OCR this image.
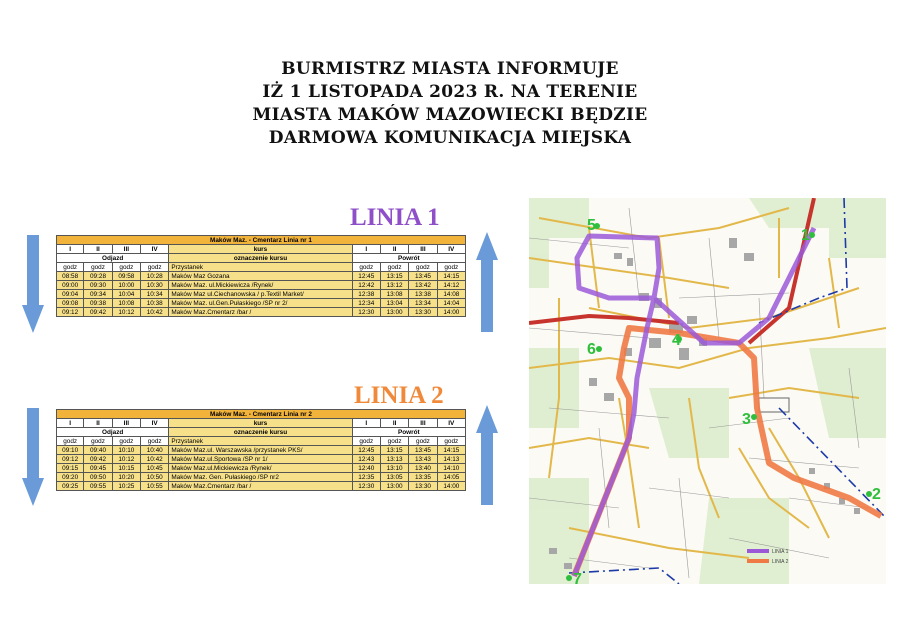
BURMISTRZ MIASTA INFORMUJE
IŻ 1 LISTOPADA 2023 R. NA TERENIE
MIASTA MAKÓW MAZOWIECKI BĘDZIE
DARMOWA KOMUNIKACJA MIEJSKA
LINIA 1
LINIA 2
Maków Maz. - Cmentarz Linia nr 1								
I	II	III	IV	kurs	I	II	III	IV
Odjazd				oznaczenie kursu	Powrót			
godz	godz	godz	godz	Przystanek	godz	godz	godz	godz
08:58	09:28	09:58	10:28	Maków Maz Gozana	12:45	13:15	13:45	14:15
09:00	09:30	10:00	10:30	Maków Maz. ul.Mickiewicza /Rynek/	12:42	13:12	13:42	14:12
09:04	09:34	10:04	10:34	Maków Maz ul.Ciechanowska / p.Textil Market/	12:38	13:08	13:38	14:08
09:08	09:38	10:08	10:38	Maków Maz. ul.Gen.Pułaskiego /SP nr 2/	12:34	13:04	13:34	14:04
09:12	09:42	10:12	10:42	Maków Maz.Cmentarz /bar /	12:30	13:00	13:30	14:00
Maków Maz. - Cmentarz Linia nr 2								
I	II	III	IV	kurs	I	II	III	IV
Odjazd				oznaczenie kursu	Powrót			
godz	godz	godz	godz	Przystanek	godz	godz	godz	godz
09:10	09:40	10:10	10:40	Maków Maz.ul. Warszawska /przystanek PKS/	12:45	13:15	13:45	14:15
09:12	09:42	10:12	10:42	Maków Maz.ul.Sportowa /SP nr 1/	12:43	13:13	13:43	14:13
09:15	09:45	10:15	10:45	Maków Maz.ul.Mickiewicza /Rynek/	12:40	13:10	13:40	14:10
09:20	09:50	10:20	10:50	Maków Maz. Gen. Pułaskiego /SP nr2	12:35	13:05	13:35	14:05
09:25	09:55	10:25	10:55	Maków Maz.Cmentarz /bar /	12:30	13:00	13:30	14:00
1
2
3
4
5
6
7
LINIA 1
LINIA 2
